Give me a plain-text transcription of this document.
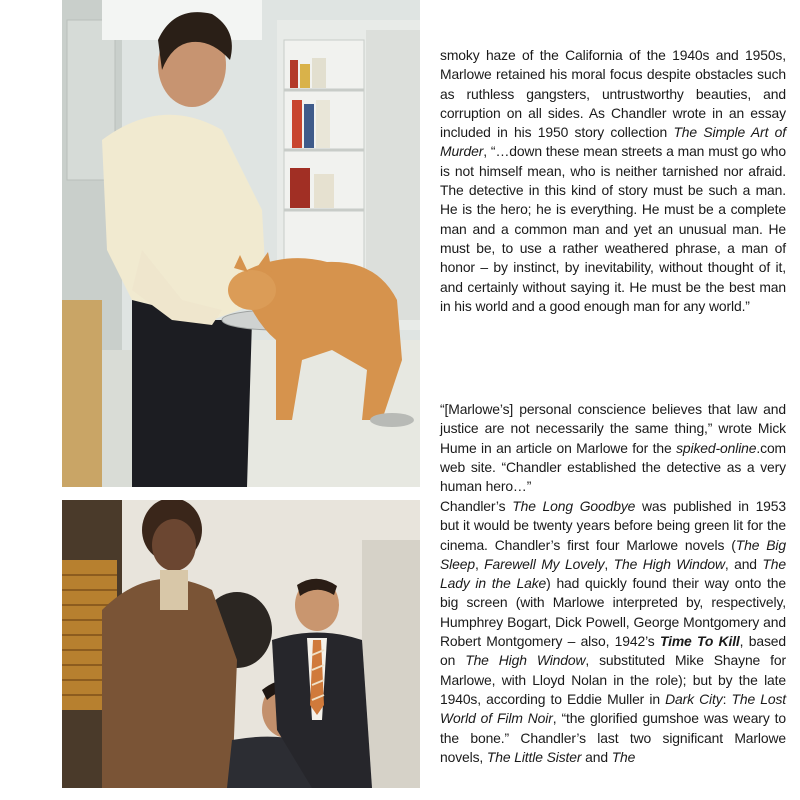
smoky haze of the California of the 1940s and 1950s, Marlowe retained his moral focus despite obstacles such as ruthless gangsters, untrustworthy beauties, and corruption on all sides. As Chandler wrote in an essay included in his 1950 story collection The Simple Art of Murder, “…down these mean streets a man must go who is not himself mean, who is neither tarnished nor afraid. The detective in this kind of story must be such a man. He is the hero; he is everything. He must be a complete man and a common man and yet an unusual man. He must be, to use a rather weathered phrase, a man of honor – by instinct, by inevitability, without thought of it, and certainly without saying it. He must be the best man in his world and a good enough man for any world.”

“[Marlowe’s] personal conscience believes that law and justice are not necessarily the same thing,” wrote Mick Hume in an article on Marlowe for the spiked-online.com web site. “Chandler established the detective as a very human hero…”

Chandler’s The Long Goodbye was published in 1953 but it would be twenty years before being green lit for the cinema. Chandler’s first four Marlowe novels (The Big Sleep, Farewell My Lovely, The High Window, and The Lady in the Lake) had quickly found their way onto the big screen (with Marlowe interpreted by, respectively, Humphrey Bogart, Dick Powell, George Montgomery and Robert Montgomery – also, 1942’s Time To Kill, based on The High Window, substituted Mike Shayne for Marlowe, with Lloyd Nolan in the role); but by the late 1940s, according to Eddie Muller in Dark City: The Lost World of Film Noir, “the glorified gumshoe was weary to the bone.” Chandler’s last two significant Marlowe novels, The Little Sister and The
